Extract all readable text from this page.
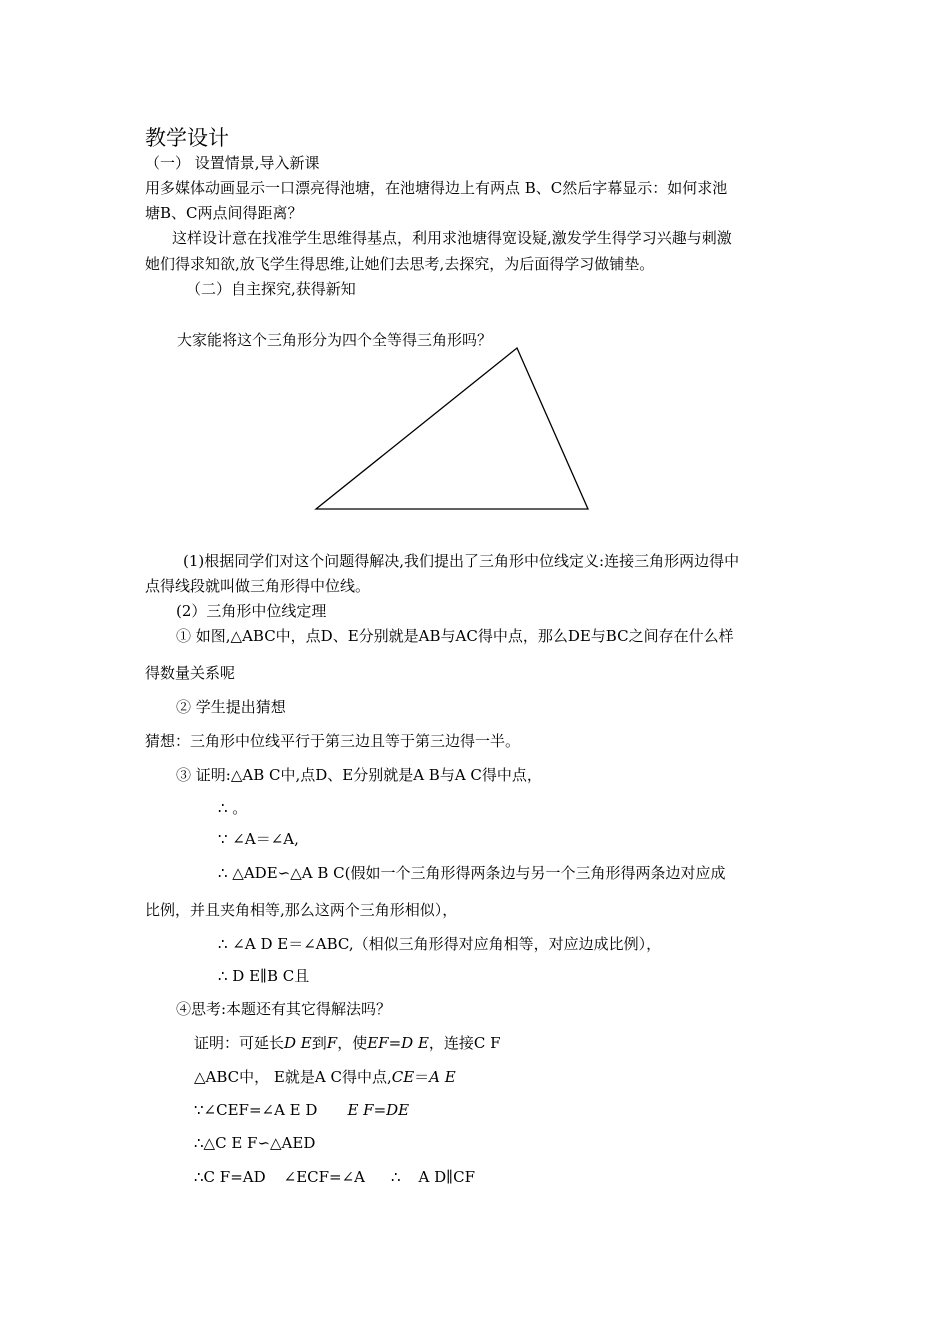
教学设计
（一） 设置情景,导入新课
用多媒体动画显示一口漂亮得池塘，在池塘得边上有两点 B、C然后字幕显示：如何求池
塘B、C两点间得距离？
这样设计意在找准学生思维得基点，利用求池塘得宽设疑,激发学生得学习兴趣与刺激
她们得求知欲,放飞学生得思维,让她们去思考,去探究，为后面得学习做铺垫。
（二）自主探究,获得新知
大家能将这个三角形分为四个全等得三角形吗？
(1)根据同学们对这个问题得解决,我们提出了三角形中位线定义:连接三角形两边得中
点得线段就叫做三角形得中位线。
(2）三角形中位线定理
① 如图,△ABC中，点D、E分别就是AB与AC得中点，那么DE与BC之间存在什么样
得数量关系呢
② 学生提出猜想
猜想：三角形中位线平行于第三边且等于第三边得一半。
③ 证明:△AB C中,点D、E分别就是A B与A C得中点，
∴ 。
∵ ∠A＝∠A,
∴ △ADE∽△A B C(假如一个三角形得两条边与另一个三角形得两条边对应成
比例，并且夹角相等,那么这两个三角形相似），
∴ ∠A D E＝∠ABC,（相似三角形得对应角相等，对应边成比例），
∴ D E∥B C且
④思考:本题还有其它得解法吗？
证明：可延长D E到F，使EF=D E，连接C F
△ABC中， E就是A C得中点,CE＝A E
∵∠CEF=∠A E D E F=DE
∴△C E F∽△AED
∴C F=AD ∠ECF=∠A ∴ A D∥CF
